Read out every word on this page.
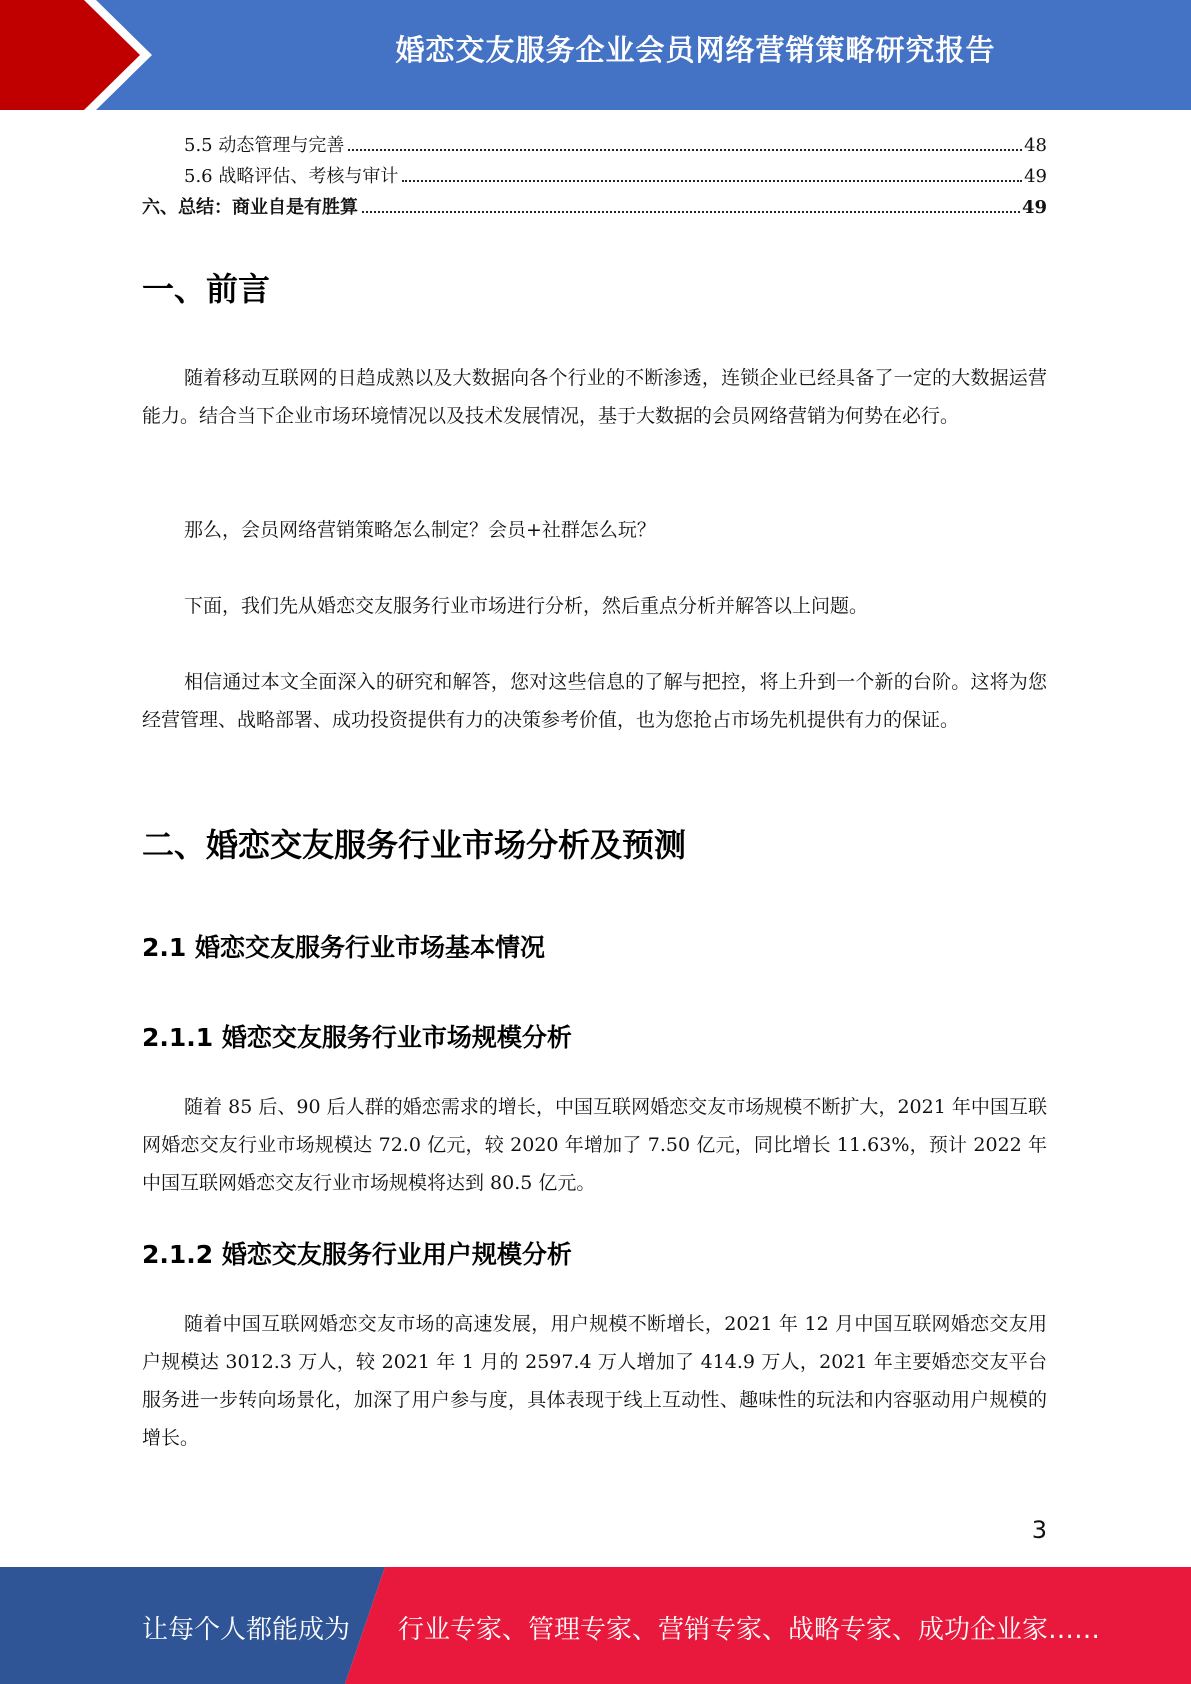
婚恋交友服务企业会员网络营销策略研究报告
5.5 动态管理与完善	48
5.6 战略评估、考核与审计	49
六、总结：商业自是有胜算	49
一、前言

随着移动互联网的日趋成熟以及大数据向各个行业的不断渗透，连锁企业已经具备了一定的大数据运营能力。结合当下企业市场环境情况以及技术发展情况，基于大数据的会员网络营销为何势在必行。

那么，会员网络营销策略怎么制定？会员+社群怎么玩？

下面，我们先从婚恋交友服务行业市场进行分析，然后重点分析并解答以上问题。

相信通过本文全面深入的研究和解答，您对这些信息的了解与把控，将上升到一个新的台阶。这将为您经营管理、战略部署、成功投资提供有力的决策参考价值，也为您抢占市场先机提供有力的保证。

二、婚恋交友服务行业市场分析及预测
2.1 婚恋交友服务行业市场基本情况
2.1.1 婚恋交友服务行业市场规模分析

随着 85 后、90 后人群的婚恋需求的增长，中国互联网婚恋交友市场规模不断扩大，2021 年中国互联网婚恋交友行业市场规模达 72.0 亿元，较 2020 年增加了 7.50 亿元，同比增长 11.63%，预计 2022 年中国互联网婚恋交友行业市场规模将达到 80.5 亿元。

2.1.2 婚恋交友服务行业用户规模分析

随着中国互联网婚恋交友市场的高速发展，用户规模不断增长，2021 年 12 月中国互联网婚恋交友用户规模达 3012.3 万人，较 2021 年 1 月的 2597.4 万人增加了 414.9 万人，2021 年主要婚恋交友平台服务进一步转向场景化，加深了用户参与度，具体表现于线上互动性、趣味性的玩法和内容驱动用户规模的增长。

3
让每个人都能成为 行业专家、管理专家、营销专家、战略专家、成功企业家……
